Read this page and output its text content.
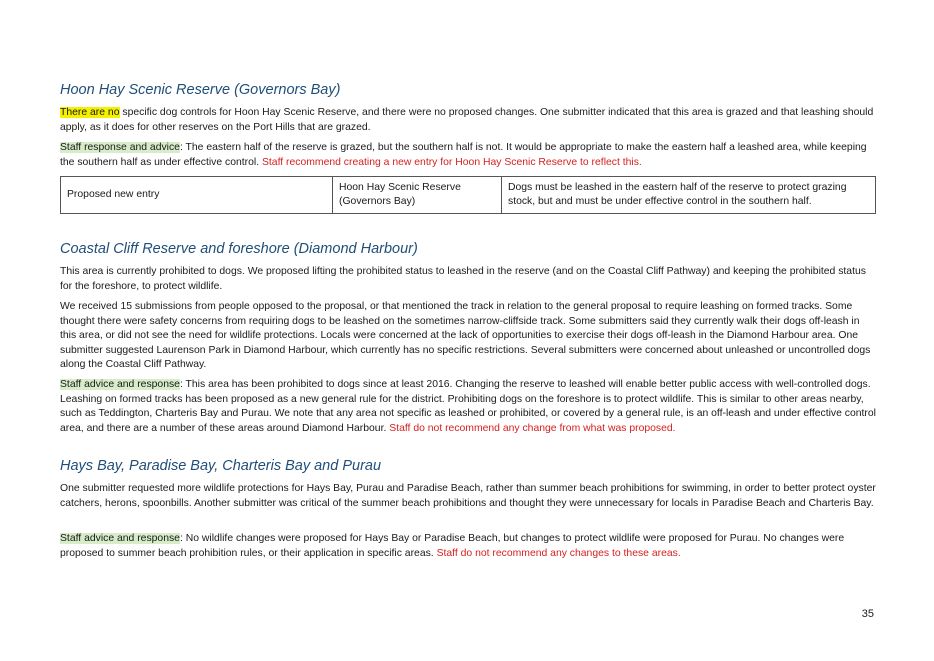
Hoon Hay Scenic Reserve (Governors Bay)

There are no specific dog controls for Hoon Hay Scenic Reserve, and there were no proposed changes. One submitter indicated that this area is grazed and that leashing should apply, as it does for other reserves on the Port Hills that are grazed.

Staff response and advice: The eastern half of the reserve is grazed, but the southern half is not. It would be appropriate to make the eastern half a leashed area, while keeping the southern half as under effective control. Staff recommend creating a new entry for Hoon Hay Scenic Reserve to reflect this.

Proposed new entry	Hoon Hay Scenic Reserve (Governors Bay)	Dogs must be leashed in the eastern half of the reserve to protect grazing stock, but and must be under effective control in the southern half.
Coastal Cliff Reserve and foreshore (Diamond Harbour)

This area is currently prohibited to dogs. We proposed lifting the prohibited status to leashed in the reserve (and on the Coastal Cliff Pathway) and keeping the prohibited status for the foreshore, to protect wildlife.

We received 15 submissions from people opposed to the proposal, or that mentioned the track in relation to the general proposal to require leashing on formed tracks. Some thought there were safety concerns from requiring dogs to be leashed on the sometimes narrow-cliffside track. Some submitters said they currently walk their dogs off-leash in this area, or did not see the need for wildlife protections. Locals were concerned at the lack of opportunities to exercise their dogs off-leash in the Diamond Harbour area. One submitter suggested Laurenson Park in Diamond Harbour, which currently has no specific restrictions. Several submitters were concerned about unleashed or uncontrolled dogs along the Coastal Cliff Pathway.

Staff advice and response: This area has been prohibited to dogs since at least 2016. Changing the reserve to leashed will enable better public access with well-controlled dogs. Leashing on formed tracks has been proposed as a new general rule for the district. Prohibiting dogs on the foreshore is to protect wildlife. This is similar to other areas nearby, such as Teddington, Charteris Bay and Purau. We note that any area not specific as leashed or prohibited, or covered by a general rule, is an off-leash and under effective control area, and there are a number of these areas around Diamond Harbour. Staff do not recommend any change from what was proposed.

Hays Bay, Paradise Bay, Charteris Bay and Purau

One submitter requested more wildlife protections for Hays Bay, Purau and Paradise Beach, rather than summer beach prohibitions for swimming, in order to better protect oyster catchers, herons, spoonbills. Another submitter was critical of the summer beach prohibitions and thought they were unnecessary for locals in Paradise Beach and Charteris Bay.

Staff advice and response: No wildlife changes were proposed for Hays Bay or Paradise Beach, but changes to protect wildlife were proposed for Purau. No changes were proposed to summer beach prohibition rules, or their application in specific areas. Staff do not recommend any changes to these areas.

35
